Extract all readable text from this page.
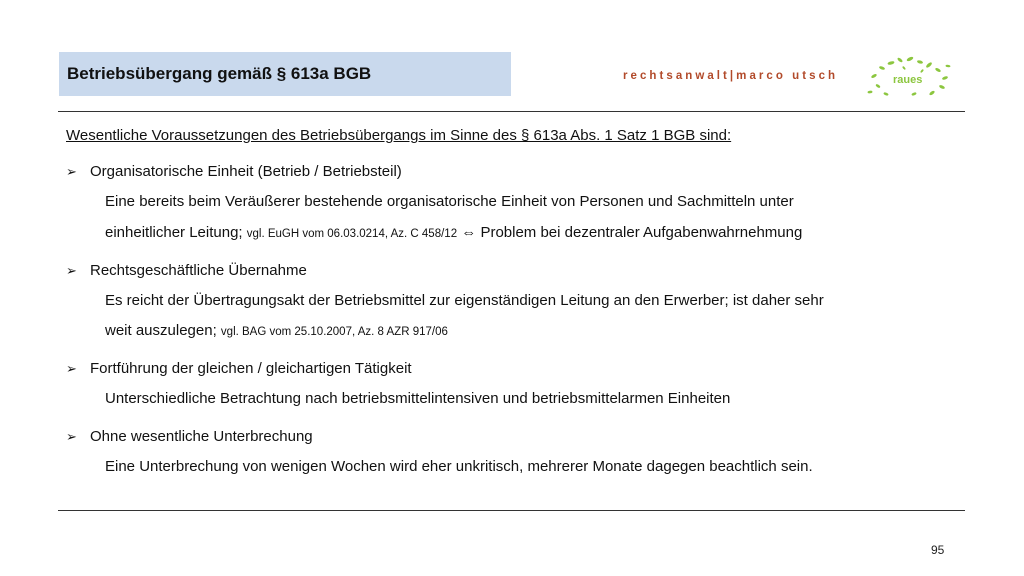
Betriebsübergang gemäß § 613a BGB	rechtsanwalt|marco utsch	raues
Wesentliche Voraussetzungen des Betriebsübergangs im Sinne des § 613a Abs. 1 Satz 1 BGB sind:
➢ Organisatorische Einheit (Betrieb / Betriebsteil)
Eine bereits beim Veräußerer bestehende organisatorische Einheit von Personen und Sachmitteln unter
einheitlicher Leitung; vgl. EuGH vom 06.03.0214, Az. C 458/12 ⇔ Problem bei dezentraler Aufgabenwahrnehmung
➢ Rechtsgeschäftliche Übernahme
Es reicht der Übertragungsakt der Betriebsmittel zur eigenständigen Leitung an den Erwerber; ist daher sehr
weit auszulegen; vgl. BAG vom 25.10.2007, Az. 8 AZR 917/06
➢ Fortführung der gleichen / gleichartigen Tätigkeit
Unterschiedliche Betrachtung nach betriebsmittelintensiven und betriebsmittelarmen Einheiten
➢ Ohne wesentliche Unterbrechung
Eine Unterbrechung von wenigen Wochen wird eher unkritisch, mehrerer Monate dagegen beachtlich sein.
95
